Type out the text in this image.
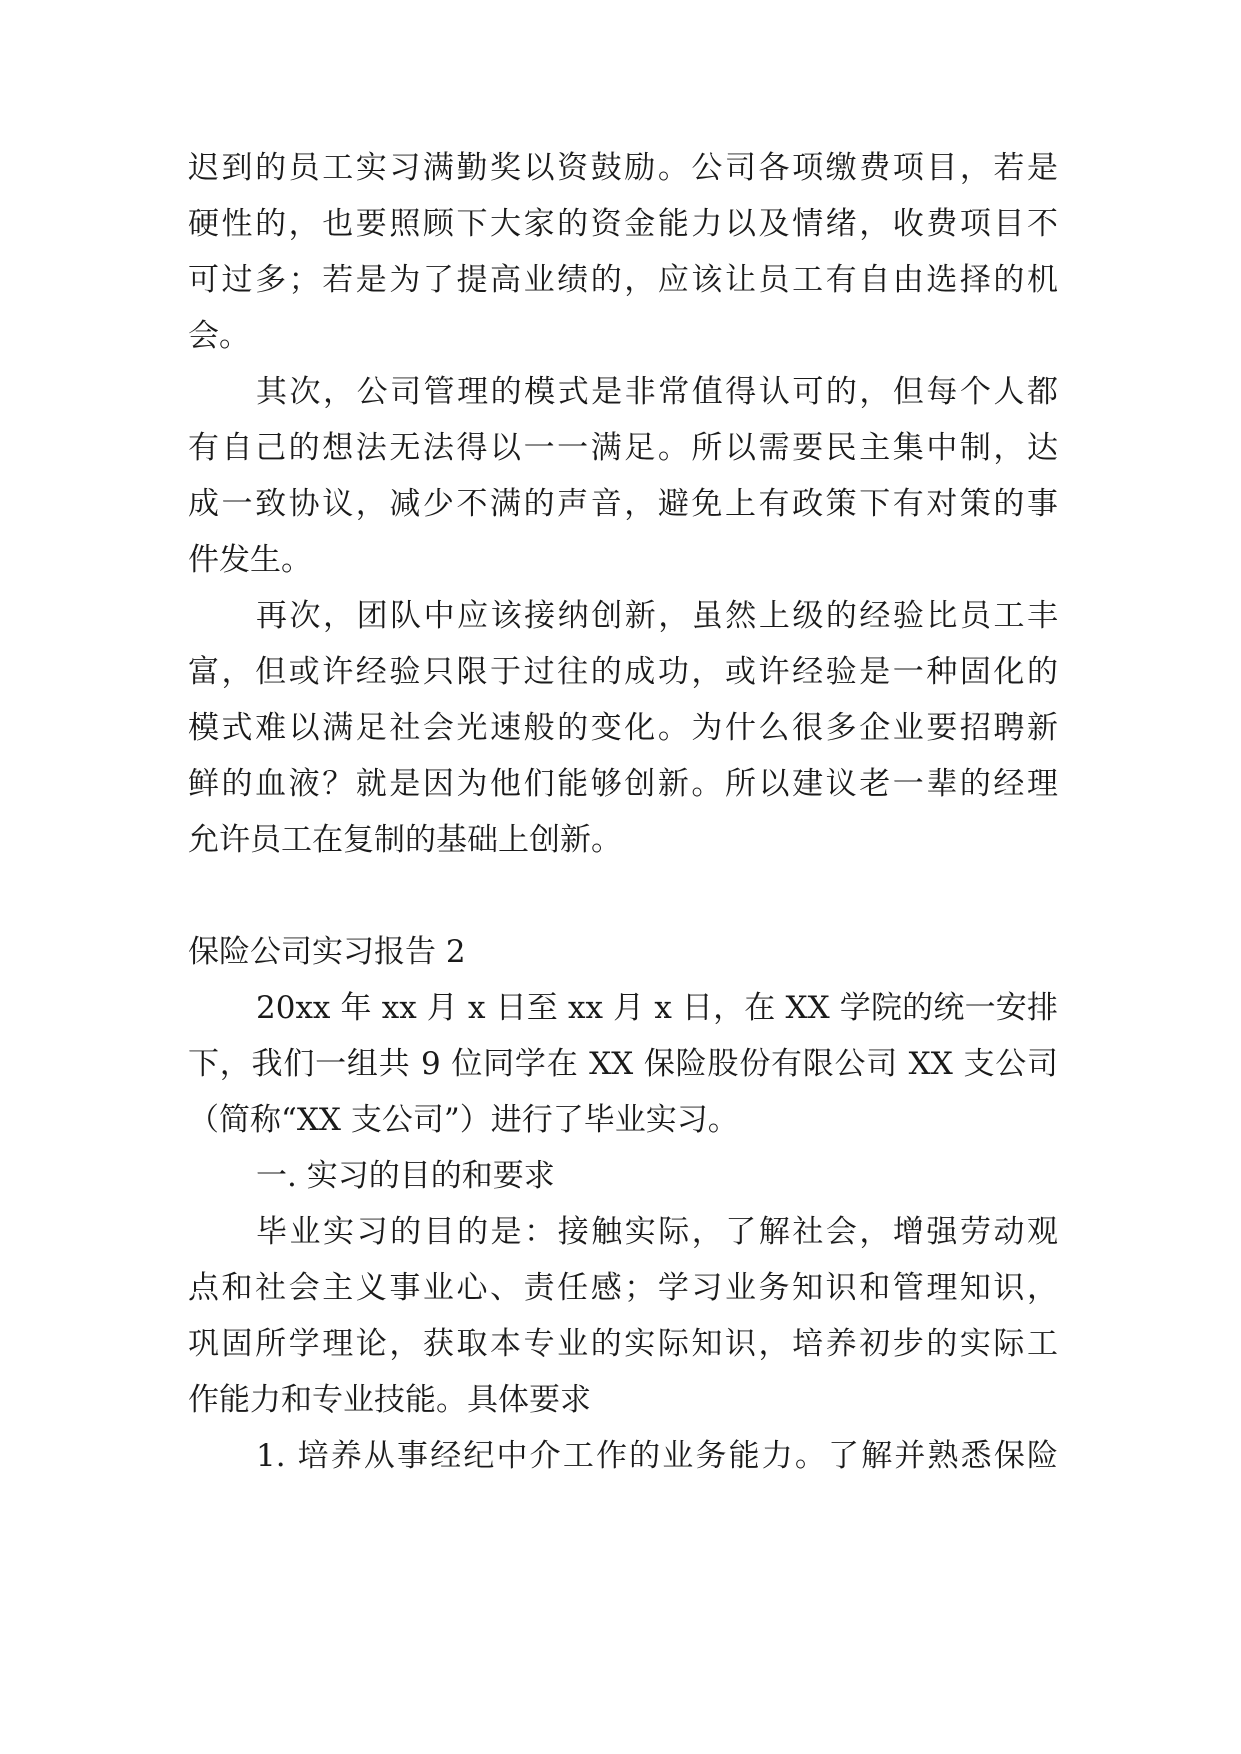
迟到的员工实习满勤奖以资鼓励。公司各项缴费项目，若是
硬性的，也要照顾下大家的资金能力以及情绪，收费项目不
可过多；若是为了提高业绩的，应该让员工有自由选择的机
会。
其次，公司管理的模式是非常值得认可的，但每个人都
有自己的想法无法得以一一满足。所以需要民主集中制，达
成一致协议，减少不满的声音，避免上有政策下有对策的事
件发生。
再次，团队中应该接纳创新，虽然上级的经验比员工丰
富，但或许经验只限于过往的成功，或许经验是一种固化的
模式难以满足社会光速般的变化。为什么很多企业要招聘新
鲜的血液？就是因为他们能够创新。所以建议老一辈的经理
允许员工在复制的基础上创新。
保险公司实习报告 2
20xx 年 xx 月 x 日至 xx 月 x 日，在 XX 学院的统一安排
下，我们一组共 9 位同学在 XX 保险股份有限公司 XX 支公司
（简称“XX 支公司”）进行了毕业实习。
一. 实习的目的和要求
毕业实习的目的是：接触实际，了解社会，增强劳动观
点和社会主义事业心、责任感；学习业务知识和管理知识，
巩固所学理论，获取本专业的实际知识，培养初步的实际工
作能力和专业技能。具体要求
1. 培养从事经纪中介工作的业务能力。了解并熟悉保险
